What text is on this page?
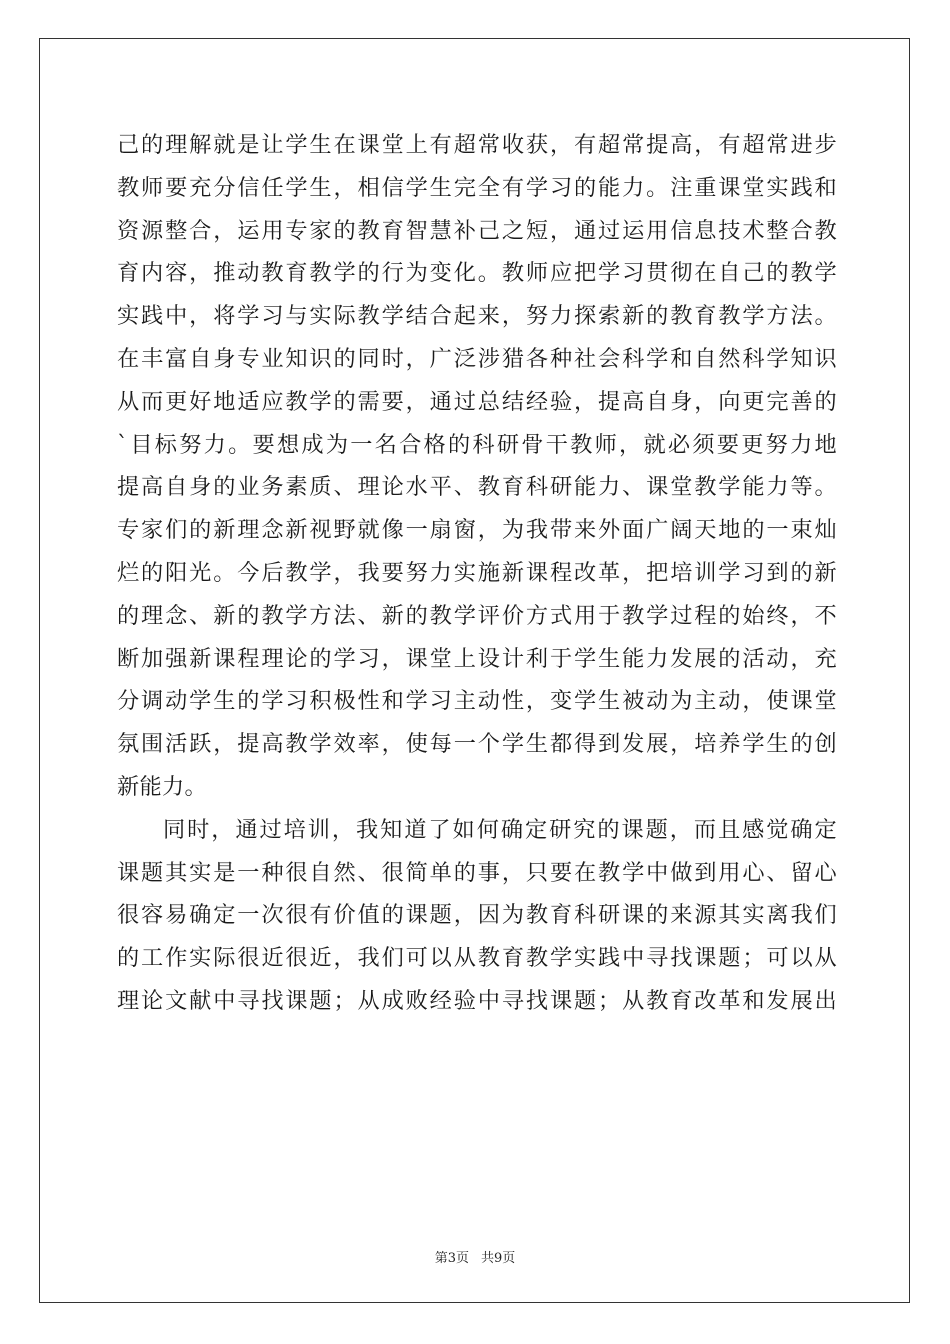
己的理解就是让学生在课堂上有超常收获，有超常提高，有超常进步
教师要充分信任学生，相信学生完全有学习的能力。注重课堂实践和
资源整合，运用专家的教育智慧补己之短，通过运用信息技术整合教
育内容，推动教育教学的行为变化。教师应把学习贯彻在自己的教学
实践中，将学习与实际教学结合起来，努力探索新的教育教学方法。
在丰富自身专业知识的同时，广泛涉猎各种社会科学和自然科学知识
从而更好地适应教学的需要，通过总结经验，提高自身，向更完善的
`目标努力。要想成为一名合格的科研骨干教师，就必须要更努力地
提高自身的业务素质、理论水平、教育科研能力、课堂教学能力等。
专家们的新理念新视野就像一扇窗，为我带来外面广阔天地的一束灿
烂的阳光。今后教学，我要努力实施新课程改革，把培训学习到的新
的理念、新的教学方法、新的教学评价方式用于教学过程的始终，不
断加强新课程理论的学习，课堂上设计利于学生能力发展的活动，充
分调动学生的学习积极性和学习主动性，变学生被动为主动，使课堂
氛围活跃，提高教学效率，使每一个学生都得到发展，培养学生的创
新能力。
同时，通过培训，我知道了如何确定研究的课题，而且感觉确定
课题其实是一种很自然、很简单的事，只要在教学中做到用心、留心
很容易确定一次很有价值的课题，因为教育科研课的来源其实离我们
的工作实际很近很近，我们可以从教育教学实践中寻找课题；可以从
理论文献中寻找课题；从成败经验中寻找课题；从教育改革和发展出
第3页 共9页
